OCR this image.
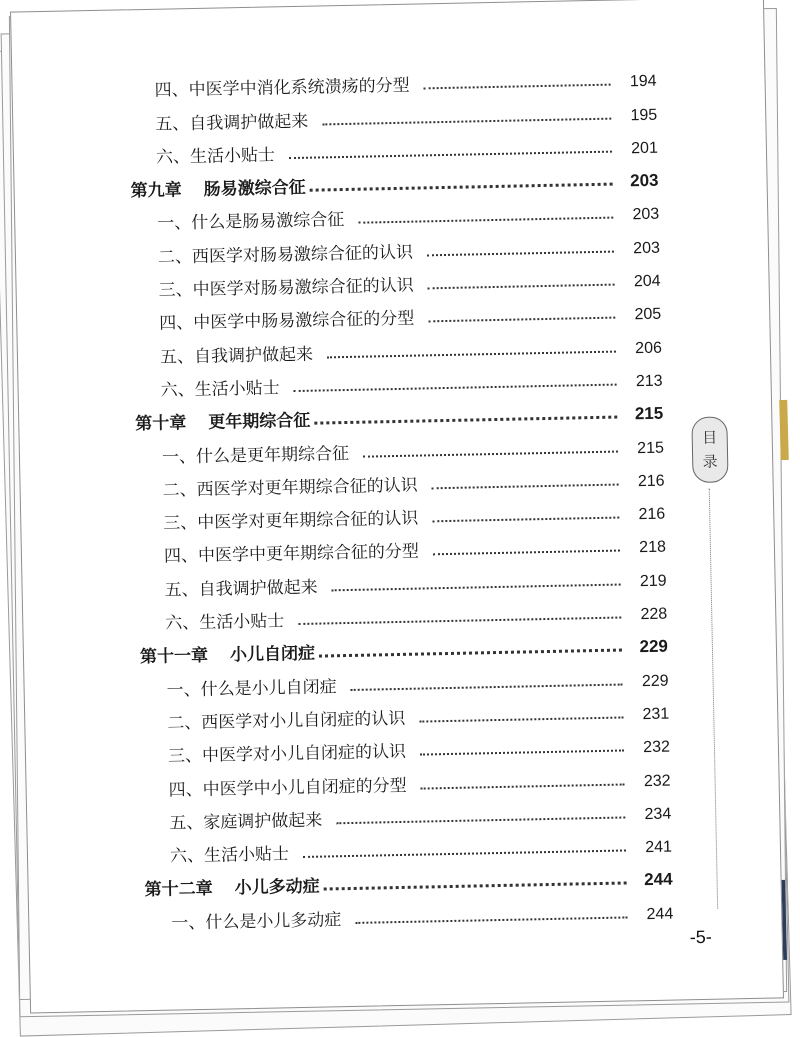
四、中医学中消化系统溃疡的分型	194
五、自我调护做起来	195
六、生活小贴士	201
第九章 肠易激综合征	203
一、什么是肠易激综合征	203
二、西医学对肠易激综合征的认识	203
三、中医学对肠易激综合征的认识	204
四、中医学中肠易激综合征的分型	205
五、自我调护做起来	206
六、生活小贴士	213
第十章 更年期综合征	215
一、什么是更年期综合征	215
二、西医学对更年期综合征的认识	216
三、中医学对更年期综合征的认识	216
四、中医学中更年期综合征的分型	218
五、自我调护做起来	219
六、生活小贴士	228
第十一章 小儿自闭症	229
一、什么是小儿自闭症	229
二、西医学对小儿自闭症的认识	231
三、中医学对小儿自闭症的认识	232
四、中医学中小儿自闭症的分型	232
五、家庭调护做起来	234
六、生活小贴士	241
第十二章 小儿多动症	244
一、什么是小儿多动症	244
目
录
-5-
